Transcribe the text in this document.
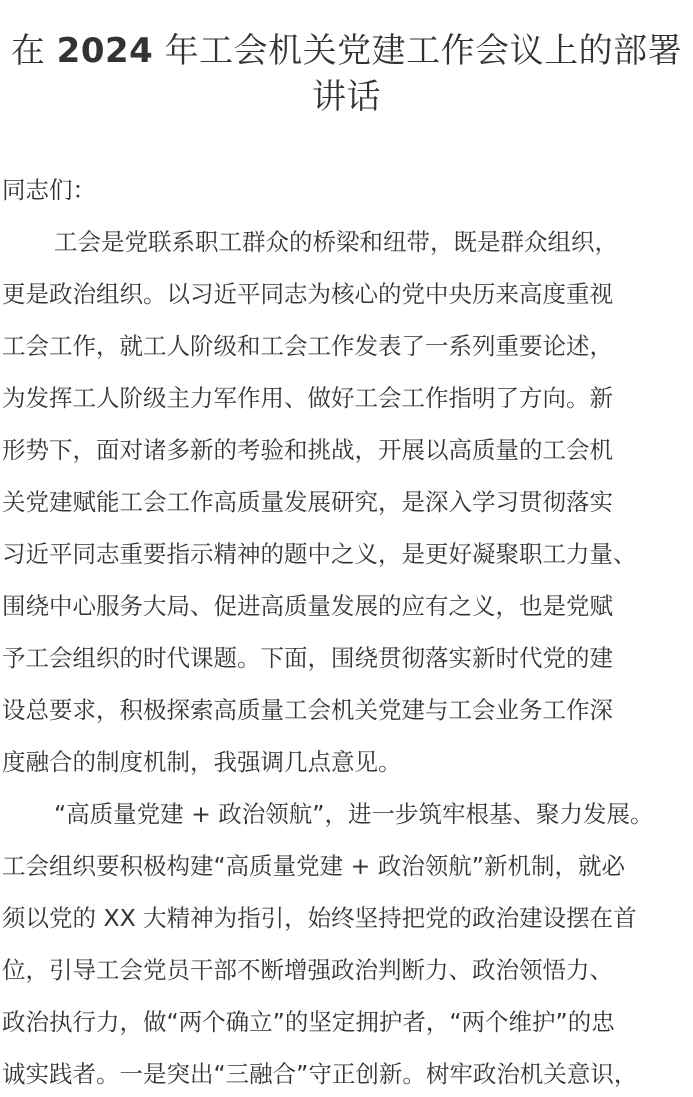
在 2024 年工会机关党建工作会议上的部署
讲话
同志们：
工会是党联系职工群众的桥梁和纽带，既是群众组织，
更是政治组织。以习近平同志为核心的党中央历来高度重视
工会工作，就工人阶级和工会工作发表了一系列重要论述，
为发挥工人阶级主力军作用、做好工会工作指明了方向。新
形势下，面对诸多新的考验和挑战，开展以高质量的工会机
关党建赋能工会工作高质量发展研究，是深入学习贯彻落实
习近平同志重要指示精神的题中之义，是更好凝聚职工力量、
围绕中心服务大局、促进高质量发展的应有之义，也是党赋
予工会组织的时代课题。下面，围绕贯彻落实新时代党的建
设总要求，积极探索高质量工会机关党建与工会业务工作深
度融合的制度机制，我强调几点意见。
“高质量党建 + 政治领航”，进一步筑牢根基、聚力发展。
工会组织要积极构建“高质量党建 + 政治领航”新机制，就必
须以党的 XX 大精神为指引，始终坚持把党的政治建设摆在首
位，引导工会党员干部不断增强政治判断力、政治领悟力、
政治执行力，做“两个确立”的坚定拥护者，“两个维护”的忠
诚实践者。一是突出“三融合”守正创新。树牢政治机关意识，
